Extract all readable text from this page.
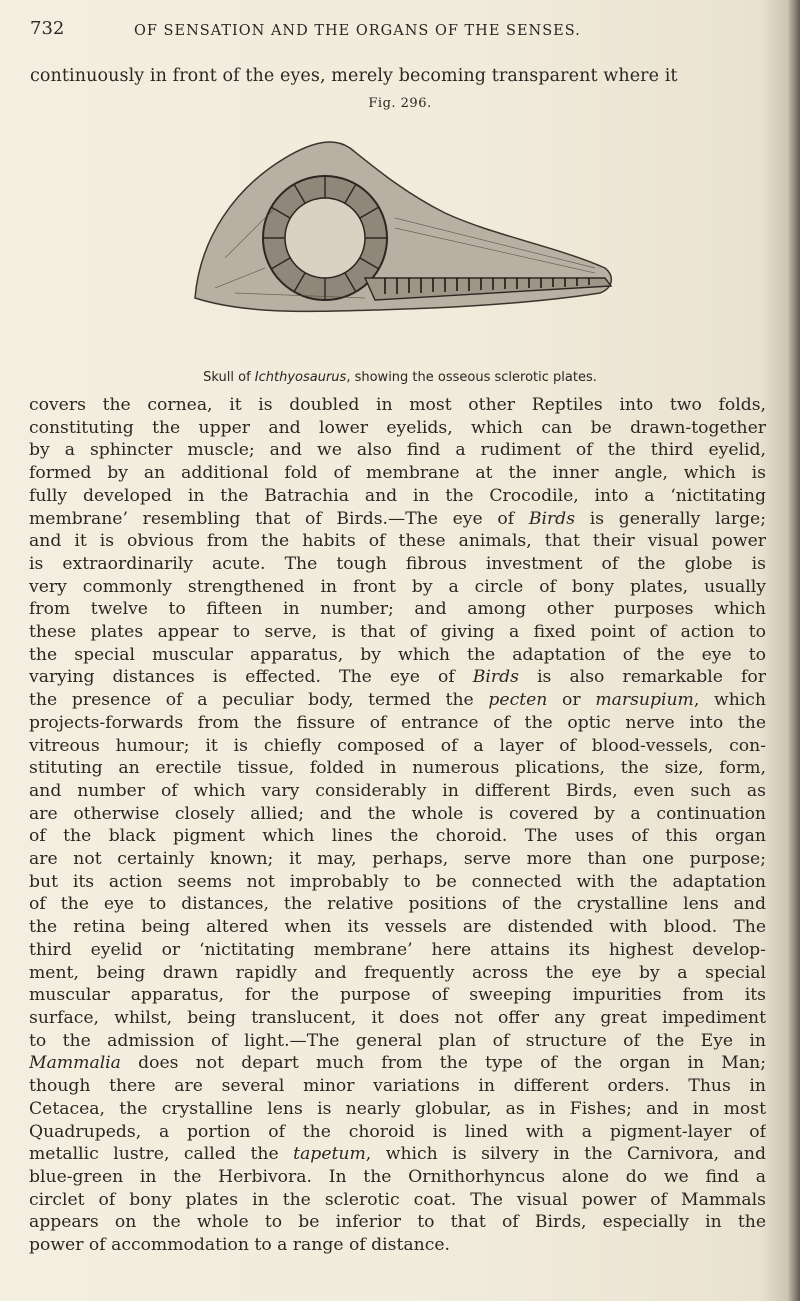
732	OF SENSATION AND THE ORGANS OF THE SENSES.
continuously in front of the eyes, merely becoming transparent where it
Fig. 296.
Skull of Ichthyosaurus, showing the osseous sclerotic plates.
covers the cornea, it is doubled in most other Reptiles into two folds,
constituting the upper and lower eyelids, which can be drawn-together
by a sphincter muscle; and we also find a rudiment of the third eyelid,
formed by an additional fold of membrane at the inner angle, which is
fully developed in the Batrachia and in the Crocodile, into a ‘nictitating
membrane’ resembling that of Birds.—The eye of Birds is generally large;
and it is obvious from the habits of these animals, that their visual power
is extraordinarily acute. The tough fibrous investment of the globe is
very commonly strengthened in front by a circle of bony plates, usually
from twelve to fifteen in number; and among other purposes which
these plates appear to serve, is that of giving a fixed point of action to
the special muscular apparatus, by which the adaptation of the eye to
varying distances is effected. The eye of Birds is also remarkable for
the presence of a peculiar body, termed the pecten or marsupium, which
projects-forwards from the fissure of entrance of the optic nerve into the
vitreous humour; it is chiefly composed of a layer of blood-vessels, con-
stituting an erectile tissue, folded in numerous plications, the size, form,
and number of which vary considerably in different Birds, even such as
are otherwise closely allied; and the whole is covered by a continuation
of the black pigment which lines the choroid. The uses of this organ
are not certainly known; it may, perhaps, serve more than one purpose;
but its action seems not improbably to be connected with the adaptation
of the eye to distances, the relative positions of the crystalline lens and
the retina being altered when its vessels are distended with blood. The
third eyelid or ‘nictitating membrane’ here attains its highest develop-
ment, being drawn rapidly and frequently across the eye by a special
muscular apparatus, for the purpose of sweeping impurities from its
surface, whilst, being translucent, it does not offer any great impediment
to the admission of light.—The general plan of structure of the Eye in
Mammalia does not depart much from the type of the organ in Man;
though there are several minor variations in different orders. Thus in
Cetacea, the crystalline lens is nearly globular, as in Fishes; and in most
Quadrupeds, a portion of the choroid is lined with a pigment-layer of
metallic lustre, called the tapetum, which is silvery in the Carnivora, and
blue-green in the Herbivora. In the Ornithorhyncus alone do we find a
circlet of bony plates in the sclerotic coat. The visual power of Mammals
appears on the whole to be inferior to that of Birds, especially in the
power of accommodation to a range of distance.
